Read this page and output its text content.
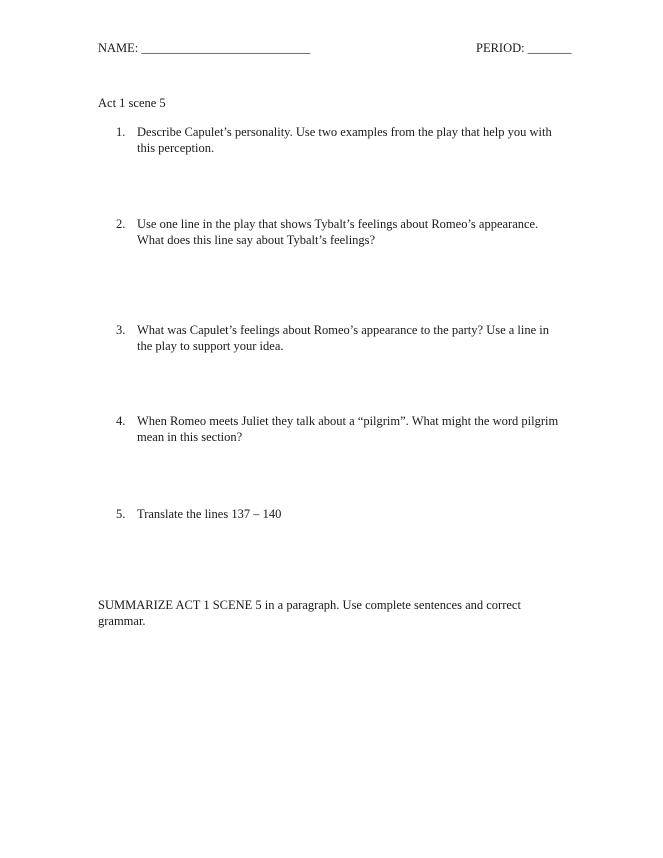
NAME: ___________________________	PERIOD: _______
Act 1 scene 5
1. Describe Capulet’s personality. Use two examples from the play that help you with this perception.
2. Use one line in the play that shows Tybalt’s feelings about Romeo’s appearance. What does this line say about Tybalt’s feelings?
3. What was Capulet’s feelings about Romeo’s appearance to the party? Use a line in the play to support your idea.
4. When Romeo meets Juliet they talk about a “pilgrim”. What might the word pilgrim mean in this section?
5. Translate the lines 137 – 140
SUMMARIZE ACT 1 SCENE 5 in a paragraph. Use complete sentences and correct grammar.
